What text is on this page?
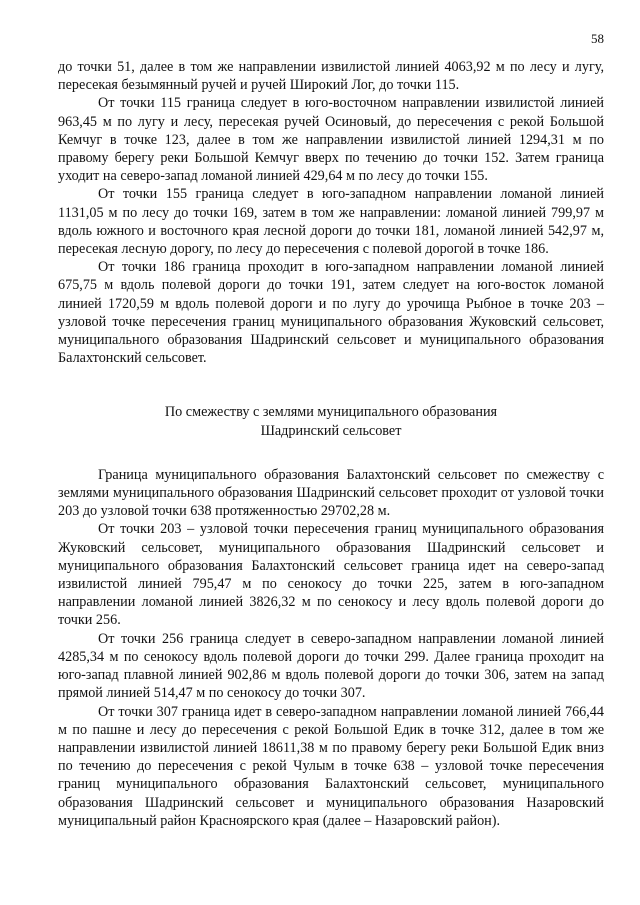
58

до точки 51, далее в том же направлении извилистой линией 4063,92 м по лесу и лугу, пересекая безымянный ручей и ручей Широкий Лог, до точки 115.

От точки 115 граница следует в юго-восточном направлении извилистой линией 963,45 м по лугу и лесу, пересекая ручей Осиновый, до пересечения с рекой Большой Кемчуг в точке 123, далее в том же направлении извилистой линией 1294,31 м по правому берегу реки Большой Кемчуг вверх по течению до точки 152. Затем граница уходит на северо-запад ломаной линией 429,64 м по лесу до точки 155.

От точки 155 граница следует в юго-западном направлении ломаной линией 1131,05 м по лесу до точки 169, затем в том же направлении: ломаной линией 799,97 м вдоль южного и восточного края лесной дороги до точки 181, ломаной линией 542,97 м, пересекая лесную дорогу, по лесу до пересечения с полевой дорогой в точке 186.

От точки 186 граница проходит в юго-западном направлении ломаной линией 675,75 м вдоль полевой дороги до точки 191, затем следует на юго-восток ломаной линией 1720,59 м вдоль полевой дороги и по лугу до урочища Рыбное в точке 203 – узловой точке пересечения границ муниципального образования Жуковский сельсовет, муниципального образования Шадринский сельсовет и муниципального образования Балахтонский сельсовет.

По смежеству с землями муниципального образования
Шадринский сельсовет

Граница муниципального образования Балахтонский сельсовет по смежеству с землями муниципального образования Шадринский сельсовет проходит от узловой точки 203 до узловой точки 638 протяженностью 29702,28 м.

От точки 203 – узловой точки пересечения границ муниципального образования Жуковский сельсовет, муниципального образования Шадринский сельсовет и муниципального образования Балахтонский сельсовет граница идет на северо-запад извилистой линией 795,47 м по сенокосу до точки 225, затем в юго-западном направлении ломаной линией 3826,32 м по сенокосу и лесу вдоль полевой дороги до точки 256.

От точки 256 граница следует в северо-западном направлении ломаной линией 4285,34 м по сенокосу вдоль полевой дороги до точки 299. Далее граница проходит на юго-запад плавной линией 902,86 м вдоль полевой дороги до точки 306, затем на запад прямой линией 514,47 м по сенокосу до точки 307.

От точки 307 граница идет в северо-западном направлении ломаной линией 766,44 м по пашне и лесу до пересечения с рекой Большой Едик в точке 312, далее в том же направлении извилистой линией 18611,38 м по правому берегу реки Большой Едик вниз по течению до пересечения с рекой Чулым в точке 638 – узловой точке пересечения границ муниципального образования Балахтонский сельсовет, муниципального образования Шадринский сельсовет и муниципального образования Назаровский муниципальный район Красноярского края (далее – Назаровский район).
